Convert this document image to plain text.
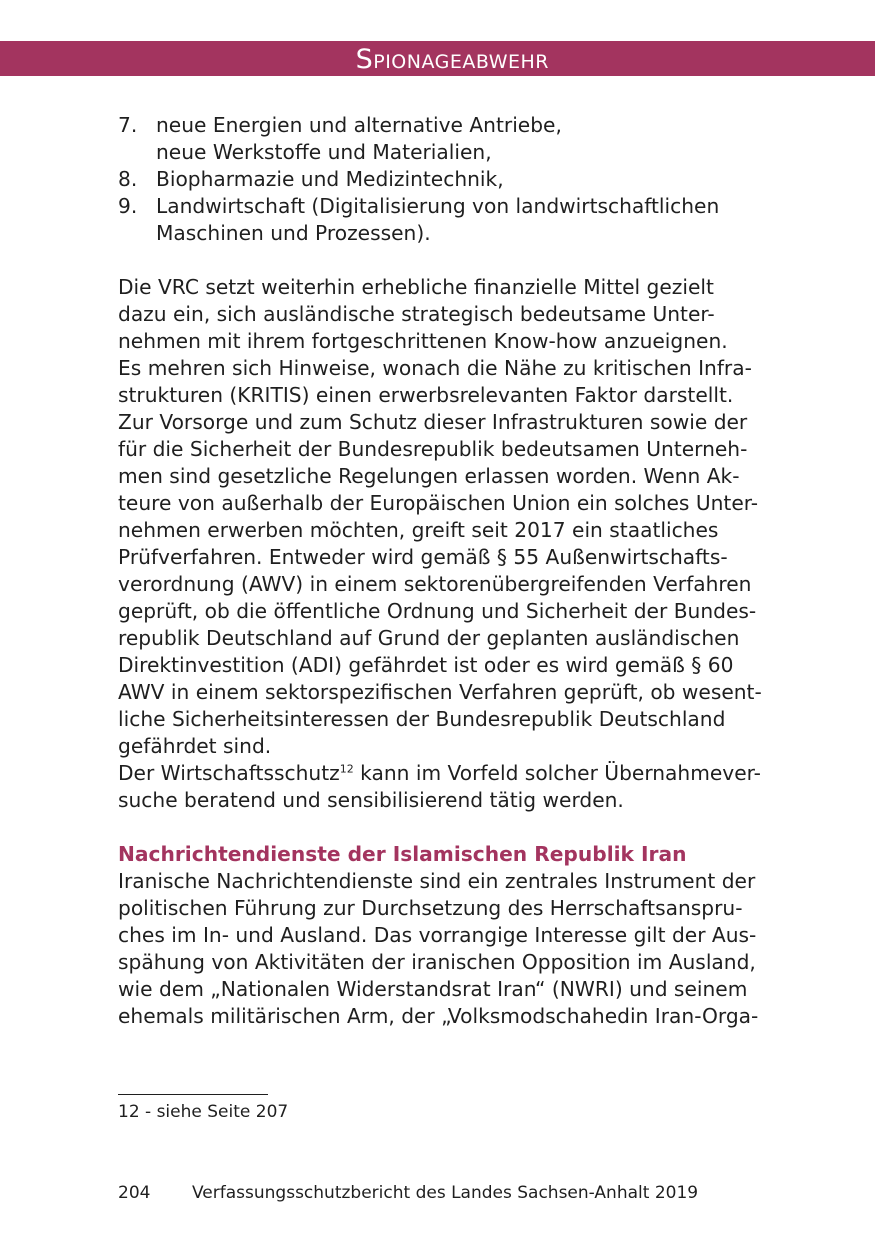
Spionageabwehr
7. neue Energien und alternative Antriebe,
neue Werkstoffe und Materialien,
8. Biopharmazie und Medizintechnik,
9. Landwirtschaft (Digitalisierung von landwirtschaftlichen
Maschinen und Prozessen).

Die VRC setzt weiterhin erhebliche finanzielle Mittel gezielt
dazu ein, sich ausländische strategisch bedeutsame Unter-
nehmen mit ihrem fortgeschrittenen Know-how anzueignen.
Es mehren sich Hinweise, wonach die Nähe zu kritischen Infra-
strukturen (KRITIS) einen erwerbsrelevanten Faktor darstellt.
Zur Vorsorge und zum Schutz dieser Infrastrukturen sowie der
für die Sicherheit der Bundesrepublik bedeutsamen Unterneh-
men sind gesetzliche Regelungen erlassen worden. Wenn Ak-
teure von außerhalb der Europäischen Union ein solches Unter-
nehmen erwerben möchten, greift seit 2017 ein staatliches
Prüfverfahren. Entweder wird gemäß § 55 Außenwirtschafts-
verordnung (AWV) in einem sektorenübergreifenden Verfahren
geprüft, ob die öffentliche Ordnung und Sicherheit der Bundes-
republik Deutschland auf Grund der geplanten ausländischen
Direktinvestition (ADI) gefährdet ist oder es wird gemäß § 60
AWV in einem sektorspezifischen Verfahren geprüft, ob wesent-
liche Sicherheitsinteressen der Bundesrepublik Deutschland
gefährdet sind.

Der Wirtschaftsschutz$^{12}$ kann im Vorfeld solcher Übernahmever-
suche beratend und sensibilisierend tätig werden.

Nachrichtendienste der Islamischen Republik Iran

Iranische Nachrichtendienste sind ein zentrales Instrument der
politischen Führung zur Durchsetzung des Herrschaftsanspru-
ches im In- und Ausland. Das vorrangige Interesse gilt der Aus-
spähung von Aktivitäten der iranischen Opposition im Ausland,
wie dem „Nationalen Widerstandsrat Iran“ (NWRI) und seinem
ehemals militärischen Arm, der „Volksmodschahedin Iran-Orga-

12 - siehe Seite 207
204	Verfassungsschutzbericht des Landes Sachsen-Anhalt 2019
